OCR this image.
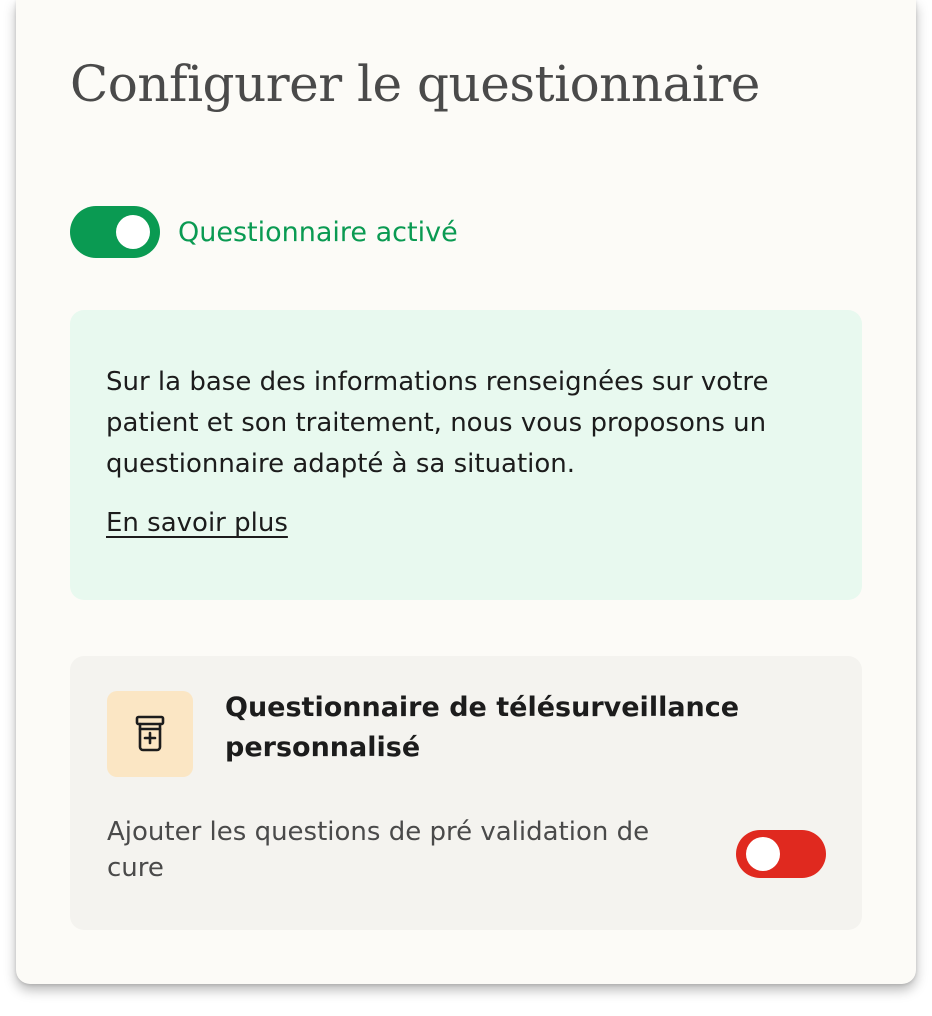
Configurer le questionnaire
Questionnaire activé

Sur la base des informations renseignées sur votre patient et son traitement, nous vous proposons un questionnaire adapté à sa situation.

En savoir plus

Questionnaire de télésurveillance personnalisé

Ajouter les questions de pré validation de cure
